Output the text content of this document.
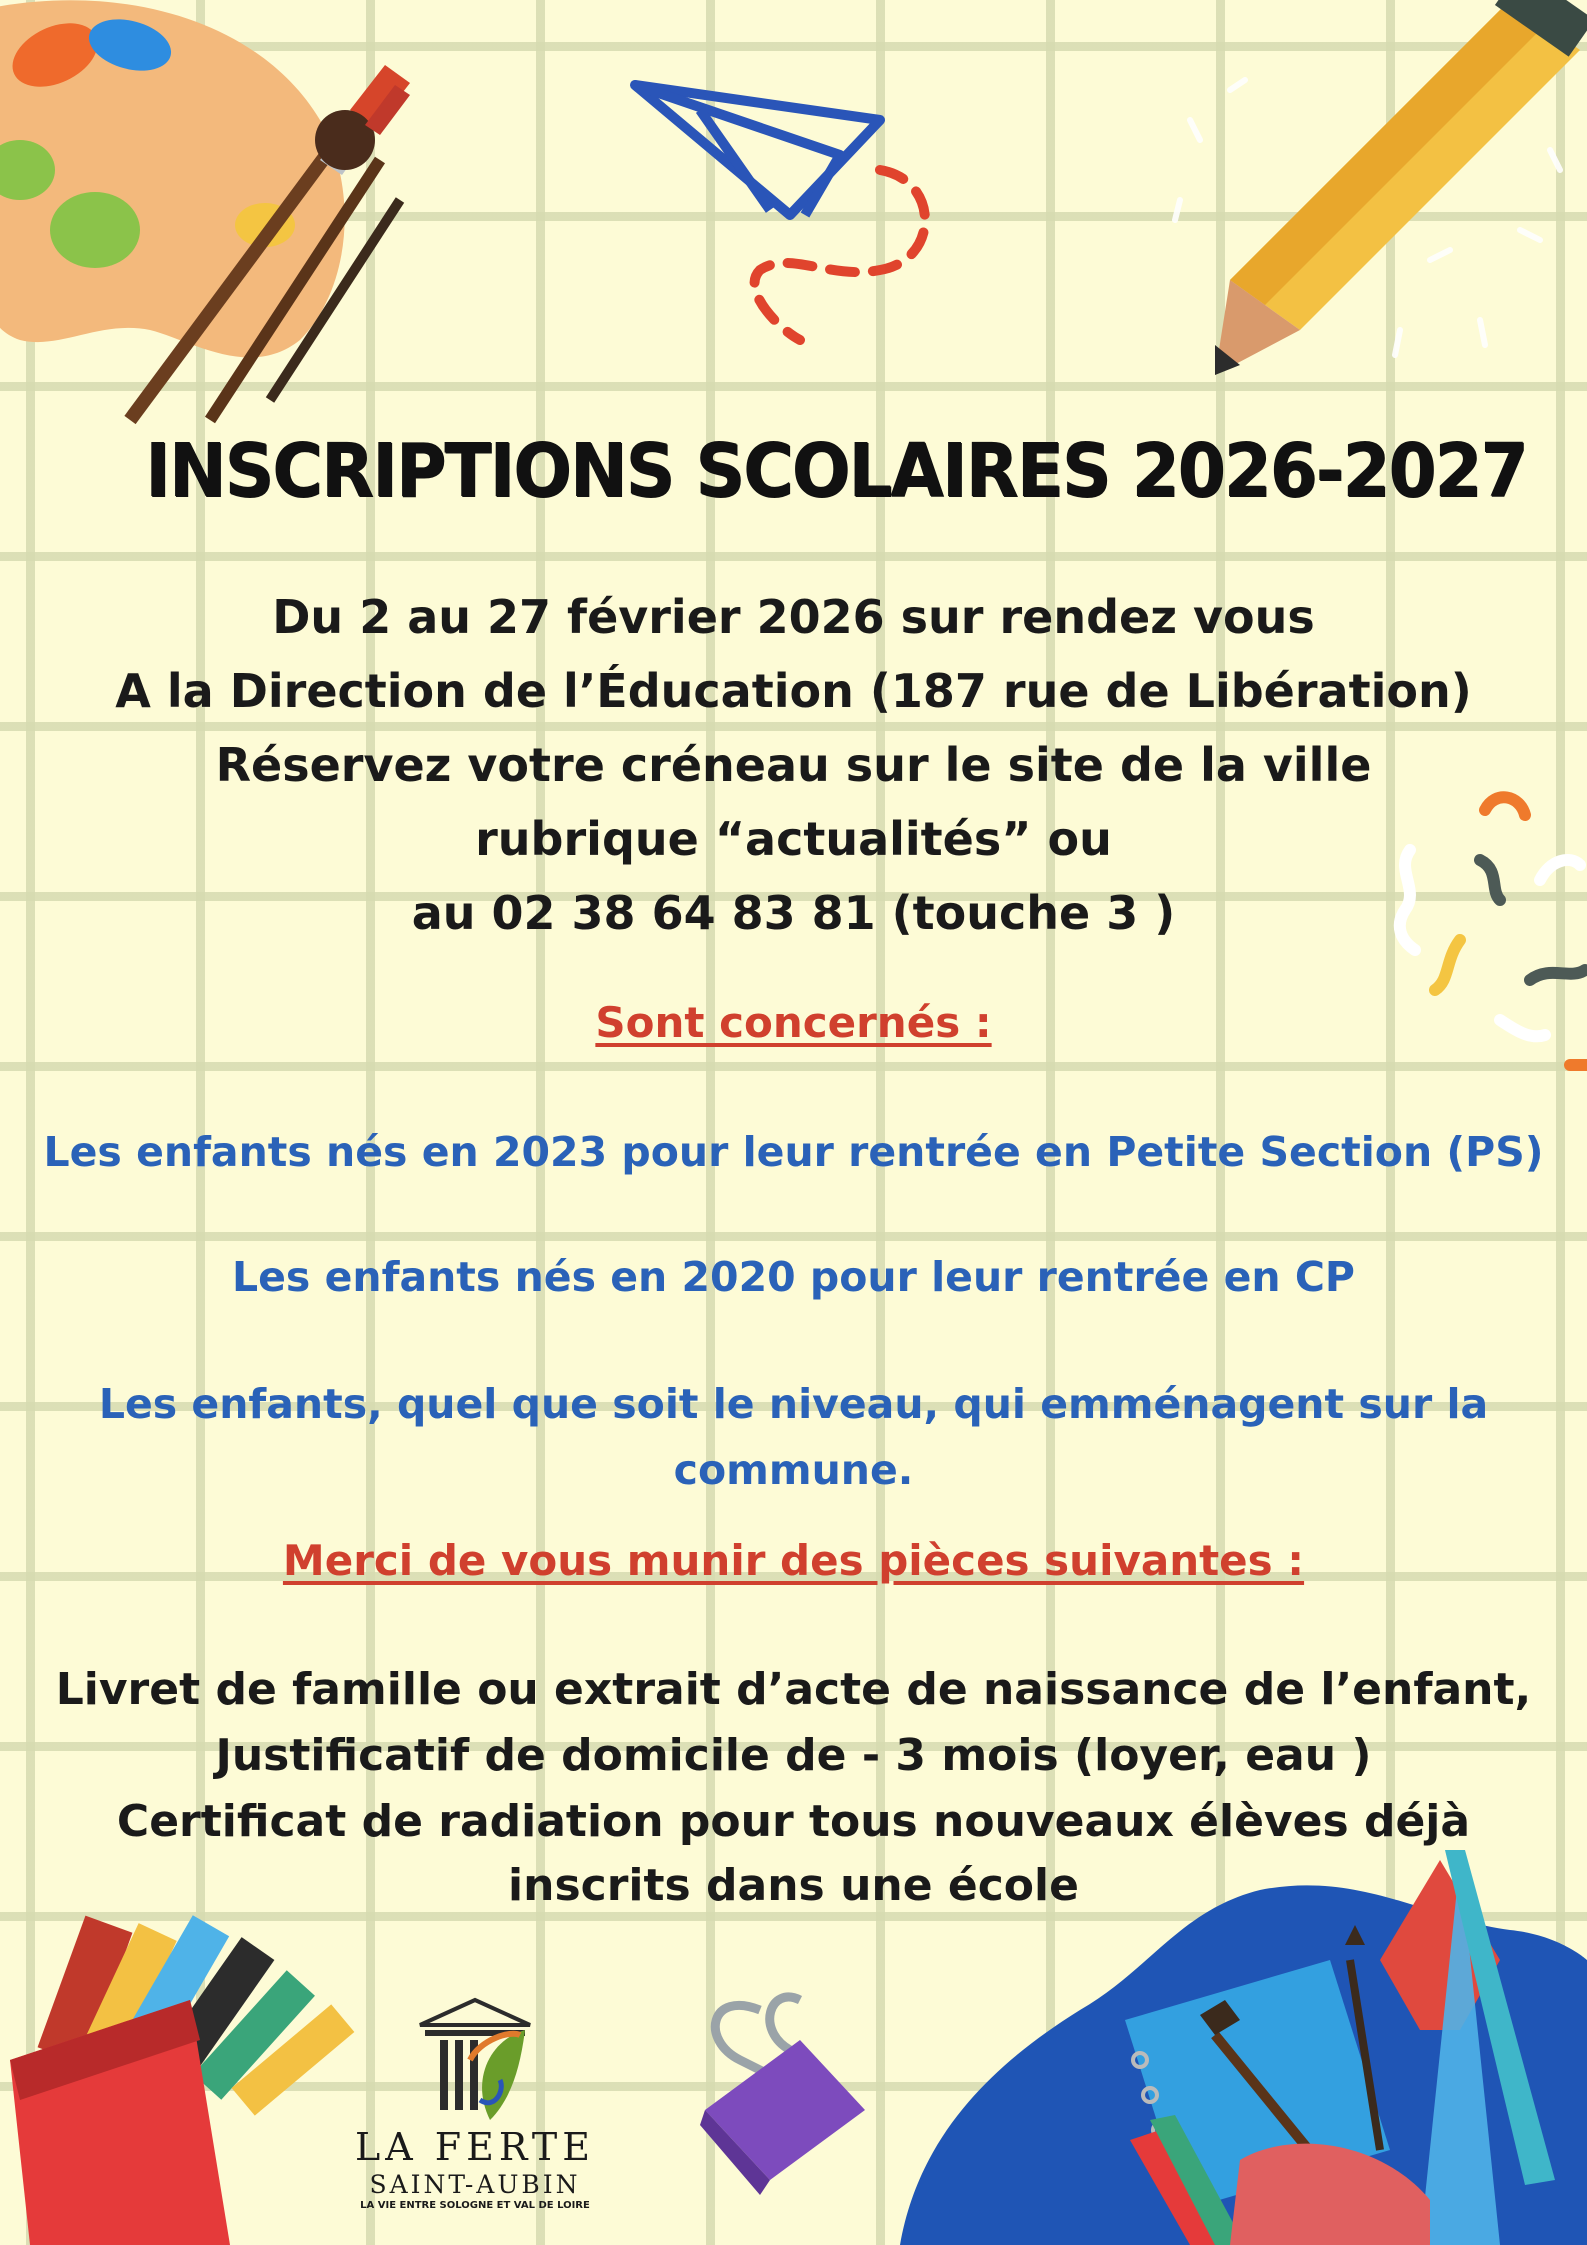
INSCRIPTIONS SCOLAIRES 2026-2027

Du 2 au 27 février 2026 sur rendez vous

A la Direction de l’Éducation (187 rue de Libération)

Réservez votre créneau sur le site de la ville

rubrique “actualités” ou

au 02 38 64 83 81 (touche 3 )

Sont concernés :

Les enfants nés en 2023 pour leur rentrée en Petite Section (PS)

Les enfants nés en 2020 pour leur rentrée en CP

Les enfants, quel que soit le niveau, qui emménagent sur la

commune.

Merci de vous munir des pièces suivantes :

Livret de famille ou extrait d’acte de naissance de l’enfant,

Justificatif de domicile de - 3 mois (loyer, eau )

Certificat de radiation pour tous nouveaux élèves déjà

inscrits dans une école

LA FERTE

SAINT-AUBIN

LA VIE ENTRE SOLOGNE ET VAL DE LOIRE
